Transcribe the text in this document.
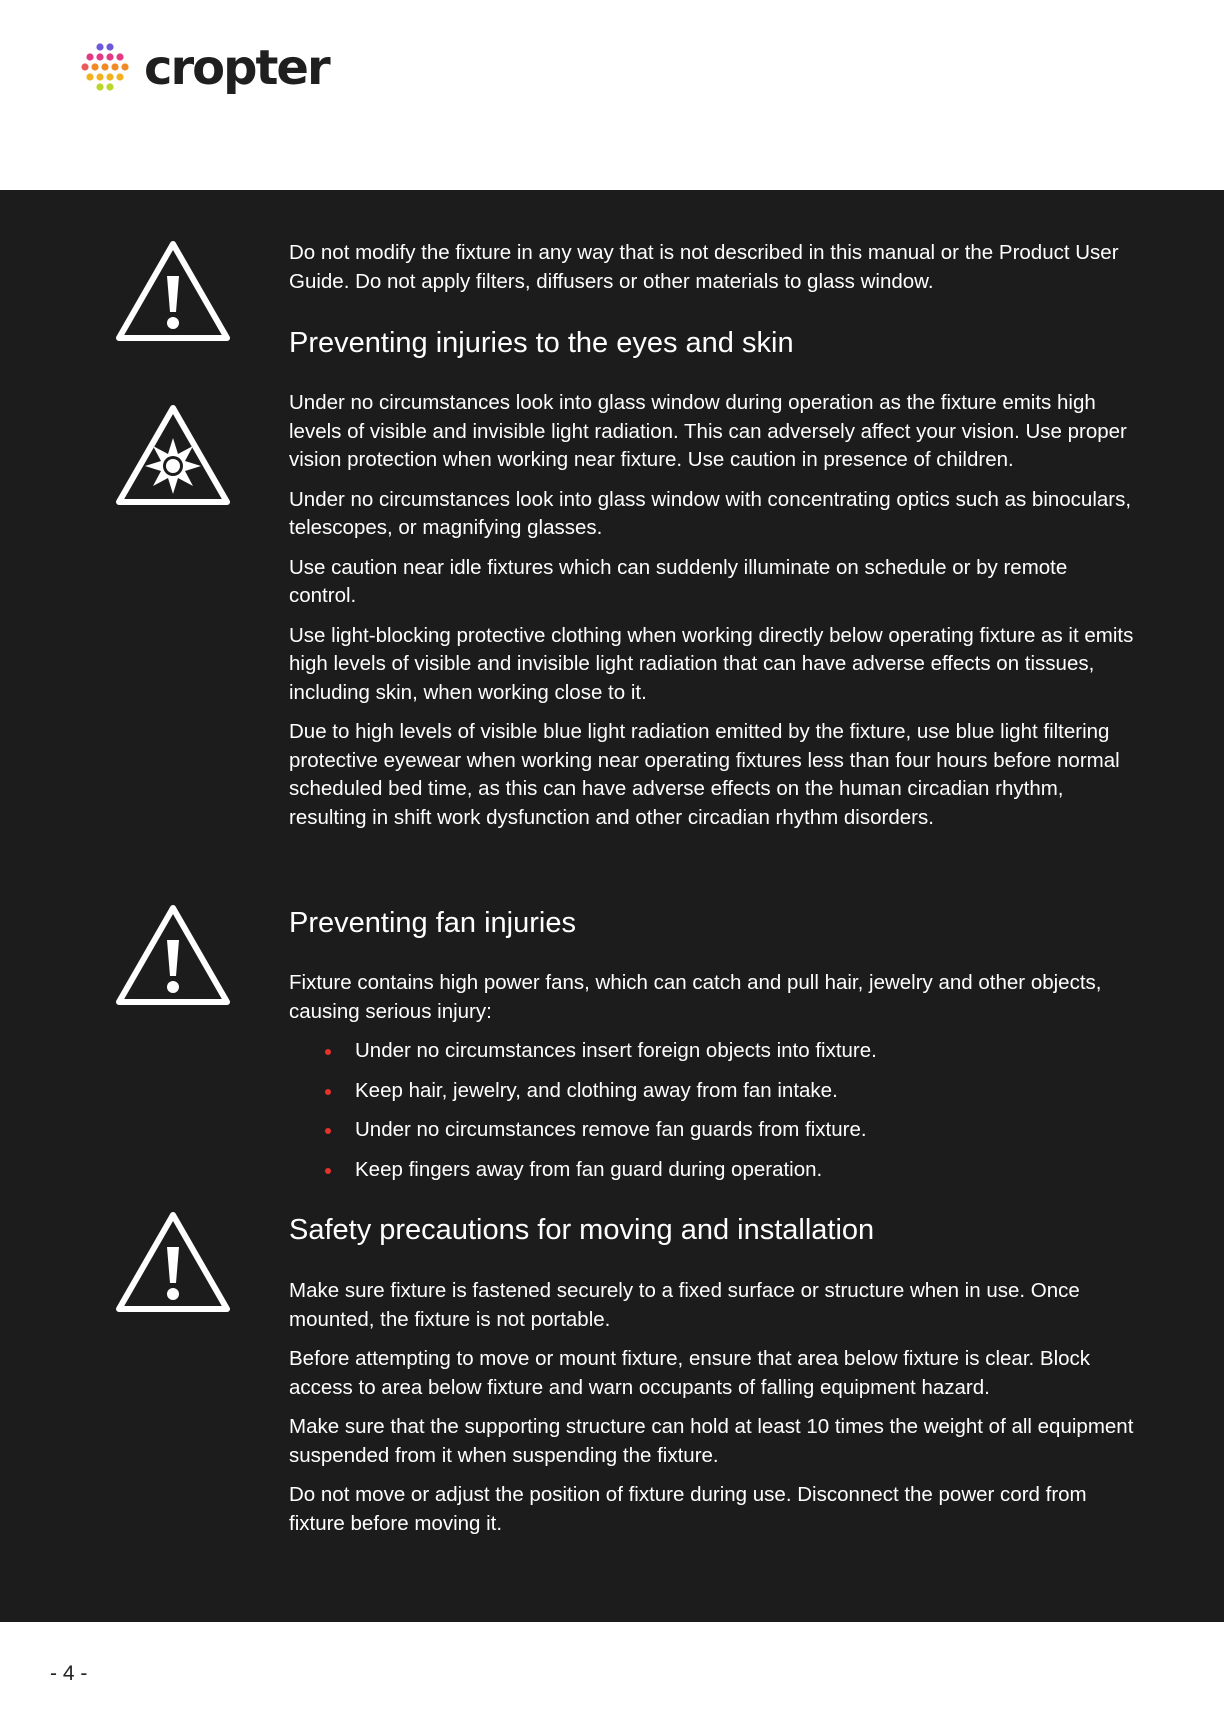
cropter

Do not modify the fixture in any way that is not described in this manual or the Product User Guide. Do not apply filters, diffusers or other materials to glass window.

Preventing injuries to the eyes and skin

Under no circumstances look into glass window during operation as the fixture emits high levels of visible and invisible light radiation. This can adversely affect your vision. Use proper vision protection when working near fixture. Use caution in presence of children.

Under no circumstances look into glass window with concentrating optics such as binoculars, telescopes, or magnifying glasses.

Use caution near idle fixtures which can suddenly illuminate on schedule or by remote control.

Use light-blocking protective clothing when working directly below operating fixture as it emits high levels of visible and invisible light radiation that can have adverse effects on tissues, including skin, when working close to it.

Due to high levels of visible blue light radiation emitted by the fixture, use blue light filtering protective eyewear when working near operating fixtures less than four hours before normal scheduled bed time, as this can have adverse effects on the human circadian rhythm, resulting in shift work dysfunction and other circadian rhythm disorders.

Preventing fan injuries

Fixture contains high power fans, which can catch and pull hair, jewelry and other objects, causing serious injury:

Under no circumstances insert foreign objects into fixture.
Keep hair, jewelry, and clothing away from fan intake.
Under no circumstances remove fan guards from fixture.
Keep fingers away from fan guard during operation.
Safety precautions for moving and installation

Make sure fixture is fastened securely to a fixed surface or structure when in use. Once mounted, the fixture is not portable.

Before attempting to move or mount fixture, ensure that area below fixture is clear. Block access to area below fixture and warn occupants of falling equipment hazard.

Make sure that the supporting structure can hold at least 10 times the weight of all equipment suspended from it when suspending the fixture.

Do not move or adjust the position of fixture during use. Disconnect the power cord from fixture before moving it.

- 4 -
